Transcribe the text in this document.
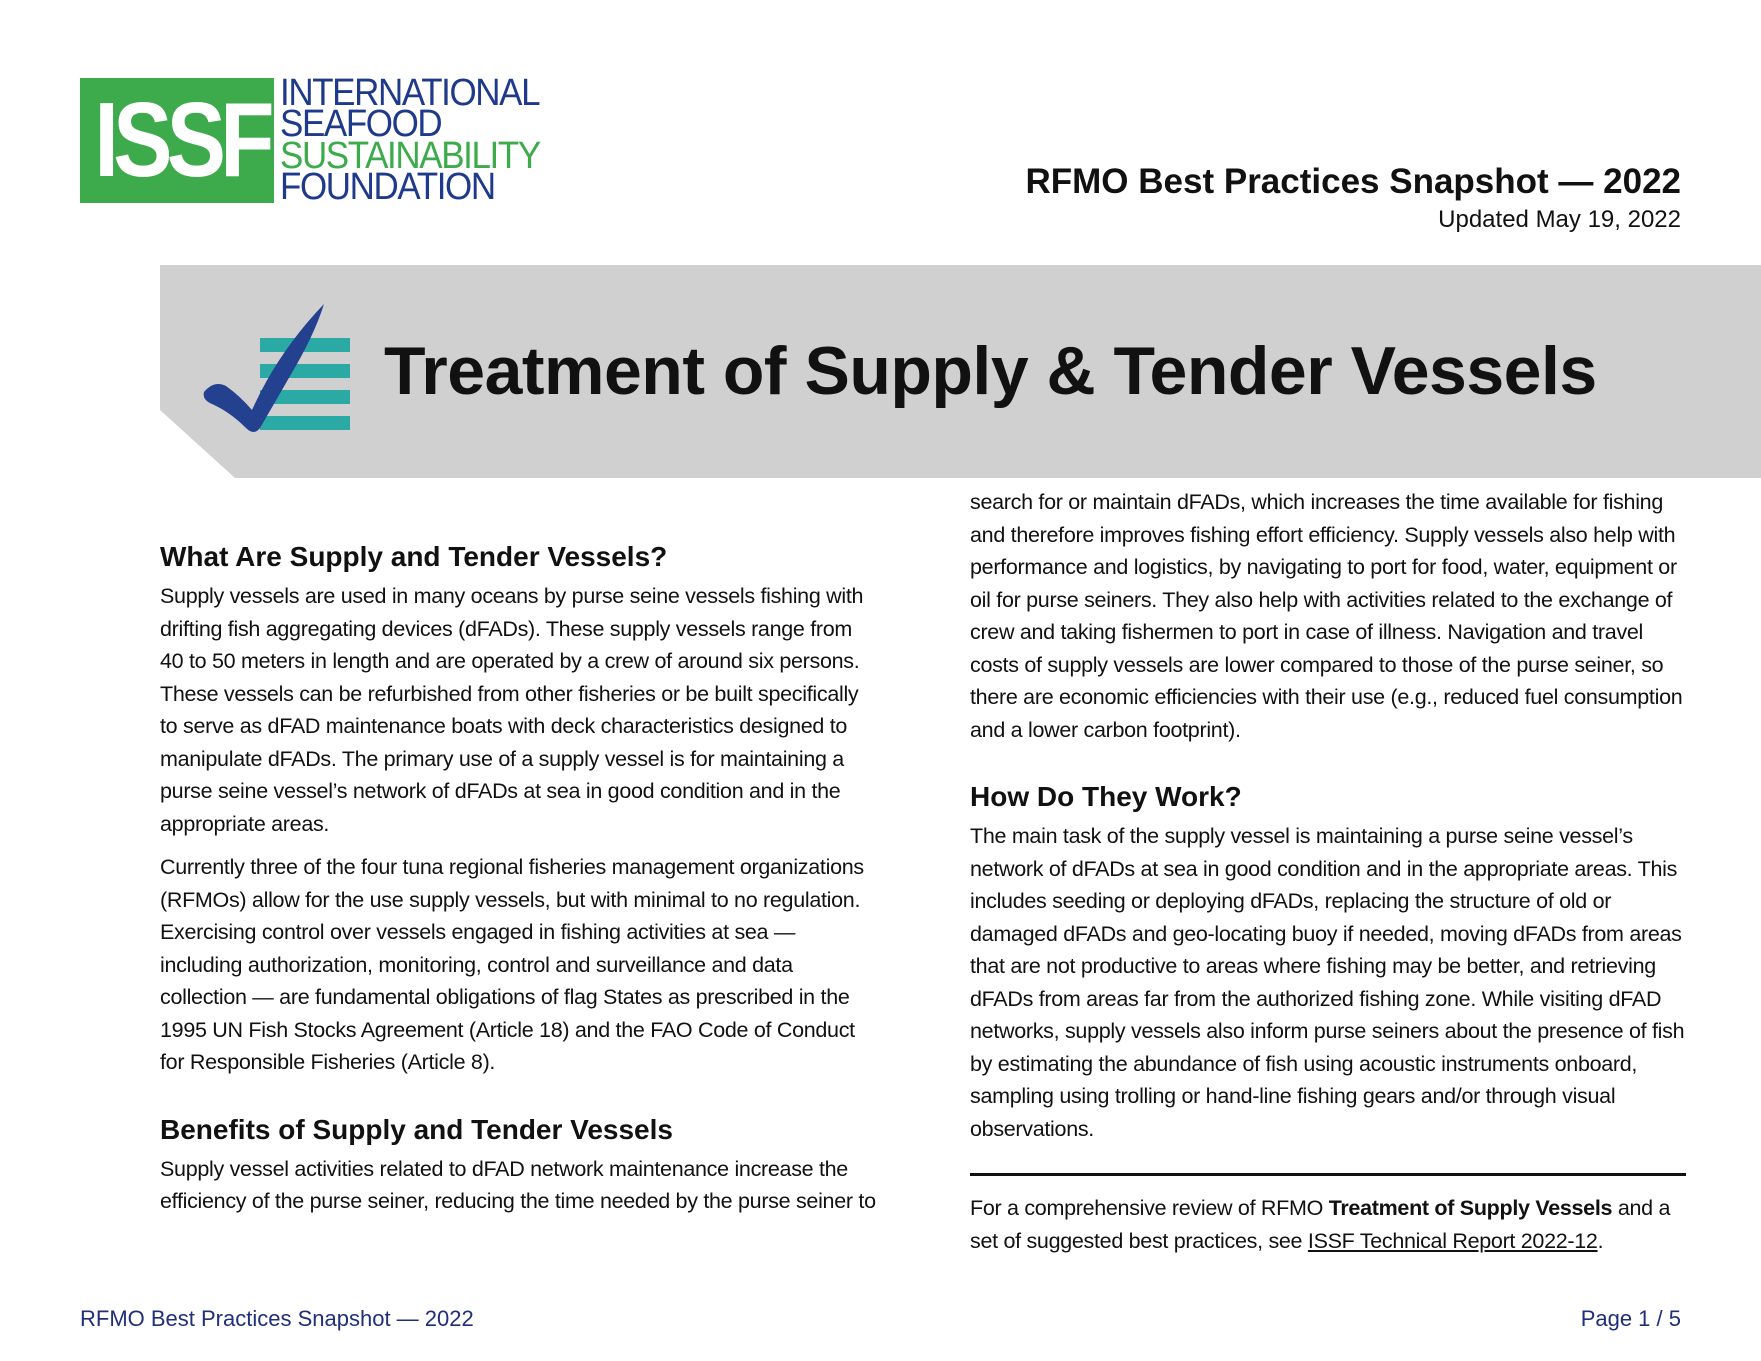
ISSF INTERNATIONAL
SEAFOOD
SUSTAINABILITY
FOUNDATION	RFMO Best Practices Snapshot — 2022
Updated May 19, 2022
Treatment of Supply & Tender Vessels
What Are Supply and Tender Vessels?

Supply vessels are used in many oceans by purse seine vessels fishing with drifting fish aggregating devices (dFADs). These supply vessels range from 40 to 50 meters in length and are operated by a crew of around six persons. These vessels can be refurbished from other fisheries or be built specifically to serve as dFAD maintenance boats with deck characteristics designed to manipulate dFADs. The primary use of a supply vessel is for maintaining a purse seine vessel’s network of dFADs at sea in good condition and in the appropriate areas.

Currently three of the four tuna regional fisheries management organizations (RFMOs) allow for the use supply vessels, but with minimal to no regulation. Exercising control over vessels engaged in fishing activities at sea — including authorization, monitoring, control and surveillance and data collection — are fundamental obligations of flag States as prescribed in the 1995 UN Fish Stocks Agreement (Article 18) and the FAO Code of Conduct for Responsible Fisheries (Article 8).

Benefits of Supply and Tender Vessels

Supply vessel activities related to dFAD network maintenance increase the efficiency of the purse seiner, reducing the time needed by the purse seiner to

search for or maintain dFADs, which increases the time available for fishing and therefore improves fishing effort efficiency. Supply vessels also help with performance and logistics, by navigating to port for food, water, equipment or oil for purse seiners. They also help with activities related to the exchange of crew and taking fishermen to port in case of illness. Navigation and travel costs of supply vessels are lower compared to those of the purse seiner, so there are economic efficiencies with their use (e.g., reduced fuel consumption and a lower carbon footprint).

How Do They Work?

The main task of the supply vessel is maintaining a purse seine vessel’s network of dFADs at sea in good condition and in the appropriate areas. This includes seeding or deploying dFADs, replacing the structure of old or damaged dFADs and geo-locating buoy if needed, moving dFADs from areas that are not productive to areas where fishing may be better, and retrieving dFADs from areas far from the authorized fishing zone. While visiting dFAD networks, supply vessels also inform purse seiners about the presence of fish by estimating the abundance of fish using acoustic instruments onboard, sampling using trolling or hand-line fishing gears and/or through visual observations.

For a comprehensive review of RFMO Treatment of Supply Vessels and a set of suggested best practices, see ISSF Technical Report 2022-12.

RFMO Best Practices Snapshot — 2022	Page 1 / 5
